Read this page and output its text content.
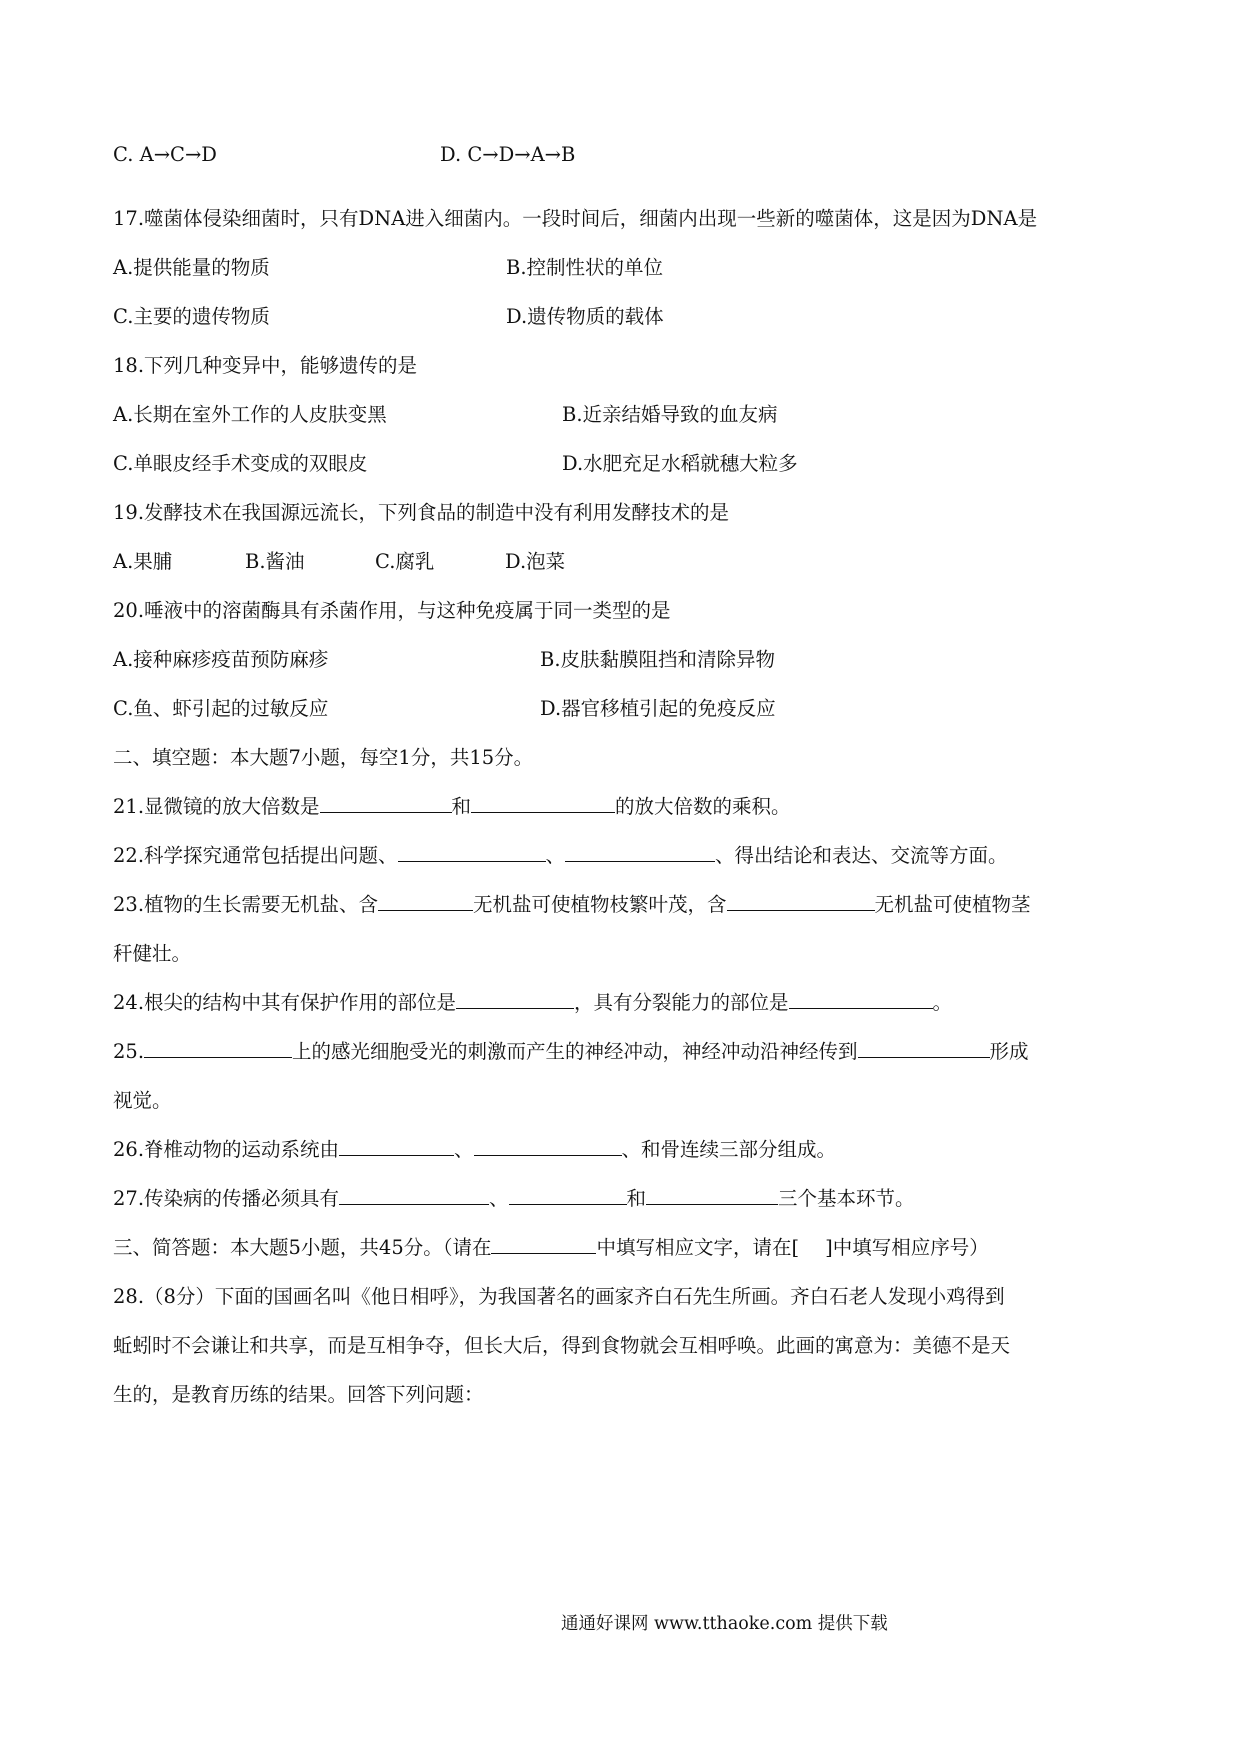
C. A→C→D	D. C→D→A→B

17.噬菌体侵染细菌时，只有DNA进入细菌内。一段时间后，细菌内出现一些新的噬菌体，这是因为DNA是

A.提供能量的物质	B.控制性状的单位
C.主要的遗传物质	D.遗传物质的载体

18.下列几种变异中，能够遗传的是

A.长期在室外工作的人皮肤变黑	B.近亲结婚导致的血友病
C.单眼皮经手术变成的双眼皮	D.水肥充足水稻就穗大粒多

19.发酵技术在我国源远流长，下列食品的制造中没有利用发酵技术的是

A.果脯	B.酱油	C.腐乳	D.泡菜

20.唾液中的溶菌酶具有杀菌作用，与这种免疫属于同一类型的是

A.接种麻疹疫苗预防麻疹	B.皮肤黏膜阻挡和清除异物
C.鱼、虾引起的过敏反应	D.器官移植引起的免疫反应

二、填空题：本大题7小题，每空1分，共15分。

21.显微镜的放大倍数是	和	的放大倍数的乘积。

22.科学探究通常包括提出问题、	、	、得出结论和表达、交流等方面。

23.植物的生长需要无机盐、含	无机盐可使植物枝繁叶茂，含	无机盐可使植物茎

秆健壮。

24.根尖的结构中其有保护作用的部位是	，具有分裂能力的部位是	。

25.	上的感光细胞受光的刺激而产生的神经冲动，神经冲动沿神经传到	形成

视觉。

26.脊椎动物的运动系统由	、	、和骨连续三部分组成。

27.传染病的传播必须具有	、	和	三个基本环节。

三、简答题：本大题5小题，共45分。（请在	中填写相应文字，请在[ ]中填写相应序号）

28.（8分）下面的国画名叫《他日相呼》，为我国著名的画家齐白石先生所画。齐白石老人发现小鸡得到

蚯蚓时不会谦让和共享，而是互相争夺，但长大后，得到食物就会互相呼唤。此画的寓意为：美德不是天

生的，是教育历练的结果。回答下列问题：

通通好课网 www.tthaoke.com 提供下载
